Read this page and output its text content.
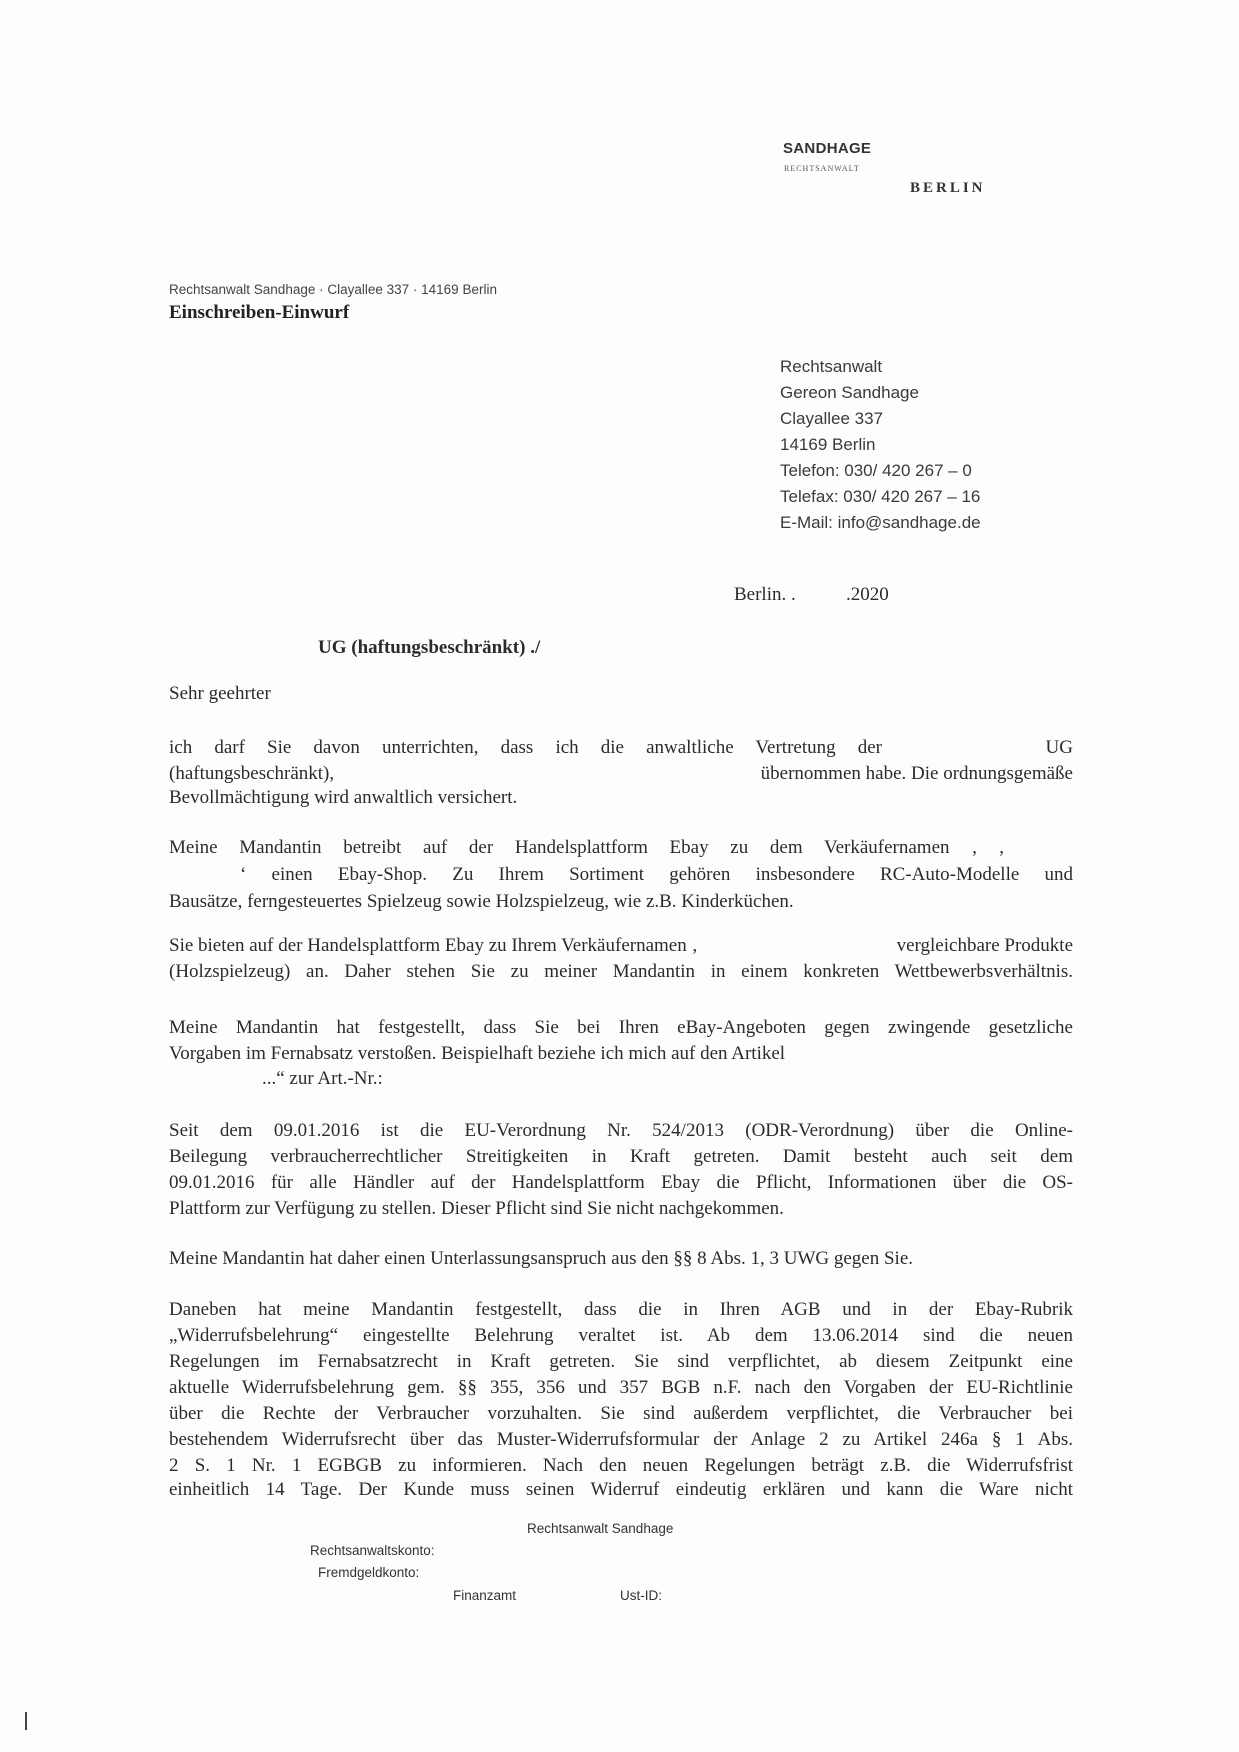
SANDHAGE
RECHTSANWALT
BERLIN
Rechtsanwalt Sandhage · Clayallee 337 · 14169 Berlin
Einschreiben-Einwurf
Rechtsanwalt
Gereon Sandhage
Clayallee 337
14169 Berlin
Telefon: 030/ 420 267 – 0
Telefax: 030/ 420 267 – 16
E-Mail: info@sandhage.de
Berlin. .	.2020
UG (haftungsbeschränkt) ./
Sehr geehrter
ich darf Sie davon unterrichten, dass ich die anwaltliche Vertretung der	UG
(haftungsbeschränkt),	übernommen habe. Die ordnungsgemäße
Bevollmächtigung wird anwaltlich versichert.
Meine Mandantin betreibt auf der Handelsplattform Ebay zu dem Verkäufernamen ‚ ,
‘ einen Ebay-Shop. Zu Ihrem Sortiment gehören insbesondere RC-Auto-Modelle und
Bausätze, ferngesteuertes Spielzeug sowie Holzspielzeug, wie z.B. Kinderküchen.
Sie bieten auf der Handelsplattform Ebay zu Ihrem Verkäufernamen ‚	vergleichbare Produkte
(Holzspielzeug) an. Daher stehen Sie zu meiner Mandantin in einem konkreten Wettbewerbsverhältnis.
Meine Mandantin hat festgestellt, dass Sie bei Ihren eBay-Angeboten gegen zwingende gesetzliche
Vorgaben im Fernabsatz verstoßen. Beispielhaft beziehe ich mich auf den Artikel
...“ zur Art.-Nr.:
Seit dem 09.01.2016 ist die EU-Verordnung Nr. 524/2013 (ODR-Verordnung) über die Online-
Beilegung verbraucherrechtlicher Streitigkeiten in Kraft getreten. Damit besteht auch seit dem
09.01.2016 für alle Händler auf der Handelsplattform Ebay die Pflicht, Informationen über die OS-
Plattform zur Verfügung zu stellen. Dieser Pflicht sind Sie nicht nachgekommen.
Meine Mandantin hat daher einen Unterlassungsanspruch aus den §§ 8 Abs. 1, 3 UWG gegen Sie.
Daneben hat meine Mandantin festgestellt, dass die in Ihren AGB und in der Ebay-Rubrik
„Widerrufsbelehrung“ eingestellte Belehrung veraltet ist. Ab dem 13.06.2014 sind die neuen
Regelungen im Fernabsatzrecht in Kraft getreten. Sie sind verpflichtet, ab diesem Zeitpunkt eine
aktuelle Widerrufsbelehrung gem. §§ 355, 356 und 357 BGB n.F. nach den Vorgaben der EU-Richtlinie
über die Rechte der Verbraucher vorzuhalten. Sie sind außerdem verpflichtet, die Verbraucher bei
bestehendem Widerrufsrecht über das Muster-Widerrufsformular der Anlage 2 zu Artikel 246a § 1 Abs.
2 S. 1 Nr. 1 EGBGB zu informieren. Nach den neuen Regelungen beträgt z.B. die Widerrufsfrist
einheitlich 14 Tage. Der Kunde muss seinen Widerruf eindeutig erklären und kann die Ware nicht
Rechtsanwalt Sandhage
Rechtsanwaltskonto:
Fremdgeldkonto:
Finanzamt	Ust-ID:
